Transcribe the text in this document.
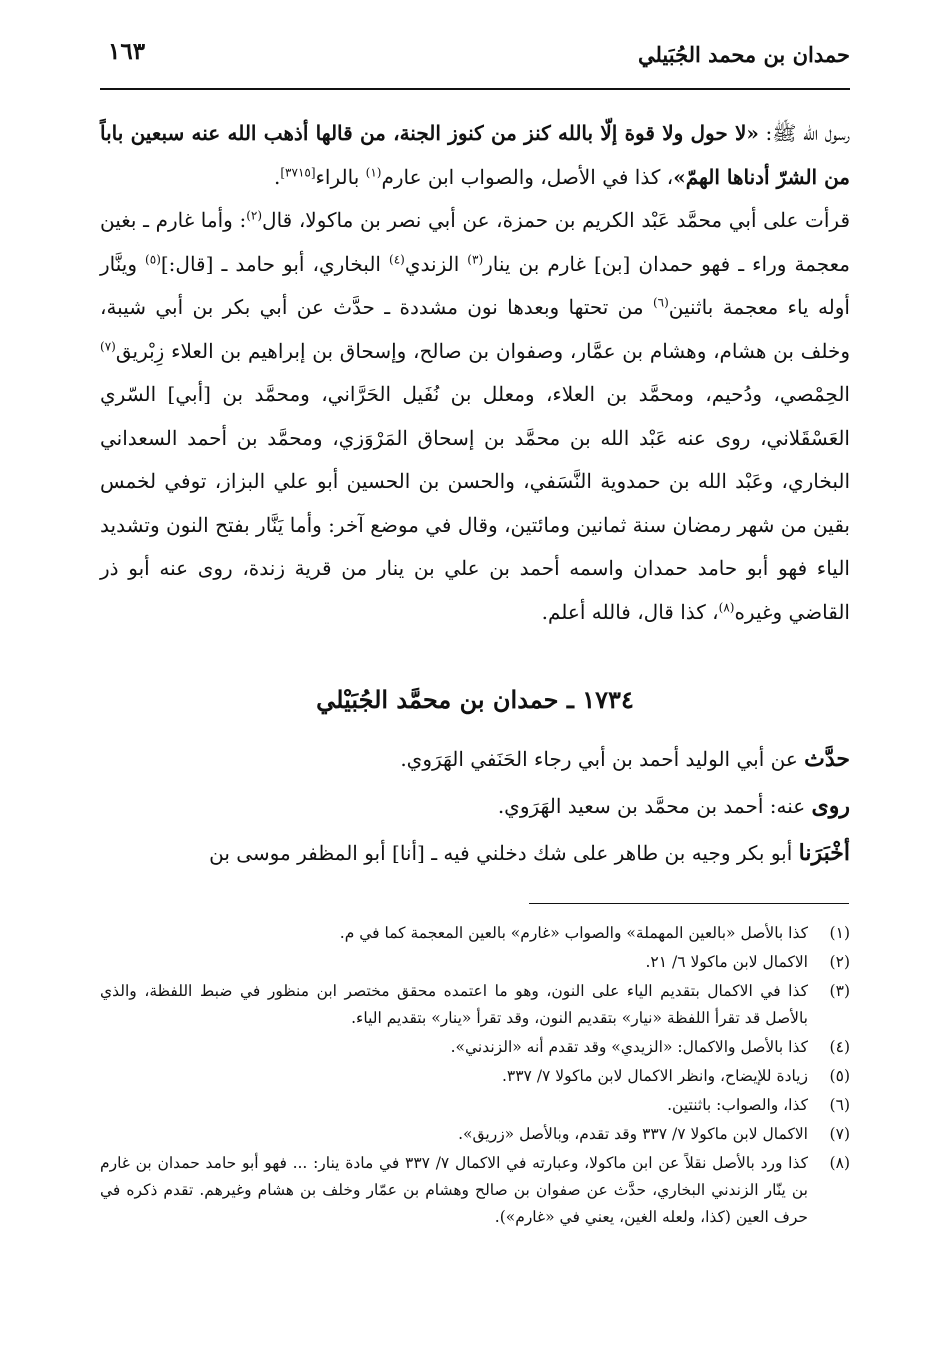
حمدان بن محمد الجُبَيلي
١٦٣

رسول الله ﷺ: «لا حول ولا قوة إلّا بالله كنز من كنوز الجنة، من قالها أذهب الله عنه سبعين باباً من الشرّ أدناها الهمّ»، كذا في الأصل، والصواب ابن عارم$^{(١)}$ بالراء[٣٧١٥].

قرأت على أبي محمَّد عَبْد الكريم بن حمزة، عن أبي نصر بن ماكولا، قال$^{(٢)}$: وأما غارم ـ بغين معجمة وراء ـ فهو حمدان [بن] غارم بن ينار$^{(٣)}$ الزندي$^{(٤)}$ البخاري، أبو حامد ـ [قال:]$^{(٥)}$ وينَّار أوله ياء معجمة باثنين$^{(٦)}$ من تحتها وبعدها نون مشددة ـ حدَّث عن أبي بكر بن أبي شيبة، وخلف بن هشام، وهشام بن عمَّار، وصفوان بن صالح، وإسحاق بن إبراهيم بن العلاء زِبْريق$^{(٧)}$ الحِمْصي، ودُحيم، ومحمَّد بن العلاء، ومعلل بن نُفَيل الحَرَّاني، ومحمَّد بن [أبي] السّري العَسْقَلاني، روى عنه عَبْد الله بن محمَّد بن إسحاق المَرْوَزي، ومحمَّد بن أحمد السعداني البخاري، وعَبْد الله بن حمدوية النَّسَفي، والحسن بن الحسين أبو علي البزاز، توفي لخمس بقين من شهر رمضان سنة ثمانين ومائتين، وقال في موضع آخر: وأما يَنَّار بفتح النون وتشديد الياء فهو أبو حامد حمدان واسمه أحمد بن علي بن ينار من قرية زندة، روى عنه أبو ذر القاضي وغيره$^{(٨)}$، كذا قال، فالله أعلم.

١٧٣٤ ـ حمدان بن محمَّد الجُبَيْلي

حدَّث عن أبي الوليد أحمد بن أبي رجاء الحَنَفي الهَرَوي.

روى عنه: أحمد بن محمَّد بن سعيد الهَرَوي.

أخْبَرَنا أبو بكر وجيه بن طاهر على شك دخلني فيه ـ [أنا] أبو المظفر موسى بن

(١)
كذا بالأصل «بالعين المهملة» والصواب «غارم» بالعين المعجمة كما في م.
(٢)
الاكمال لابن ماكولا ٦/ ٢١.
(٣)
كذا في الاكمال بتقديم الياء على النون، وهو ما اعتمده محقق مختصر ابن منظور في ضبط اللفظة، والذي بالأصل قد تقرأ اللفظة «نيار» بتقديم النون، وقد تقرأ «ينار» بتقديم الياء.
(٤)
كذا بالأصل والاكمال: «الزيدي» وقد تقدم أنه «الزندني».
(٥)
زيادة للإيضاح، وانظر الاكمال لابن ماكولا ٧/ ٣٣٧.
(٦)
كذا، والصواب: باثنتين.
(٧)
الاكمال لابن ماكولا ٧/ ٣٣٧ وقد تقدم، وبالأصل «زريق».
(٨)
كذا ورد بالأصل نقلاً عن ابن ماكولا، وعبارته في الاكمال ٧/ ٣٣٧ في مادة ينار: ... فهو أبو حامد حمدان بن غارم بن ينّار الزندني البخاري، حدَّث عن صفوان بن صالح وهشام بن عمّار وخلف بن هشام وغيرهم. تقدم ذكره في حرف العين (كذا، ولعله الغين، يعني في «غارم»).
